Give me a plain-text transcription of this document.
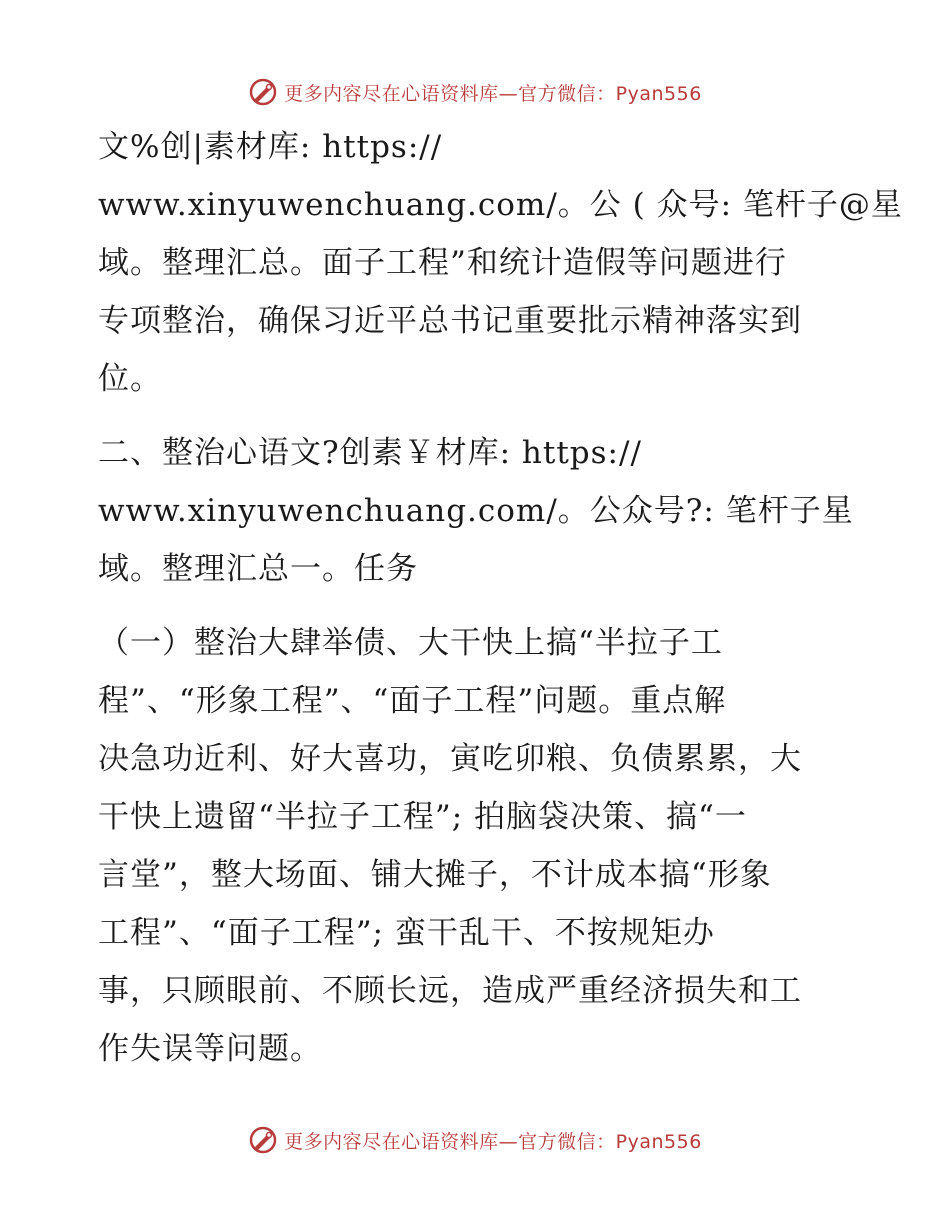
更多内容尽在心语资料库—官方微信：Pyan556
文%创|素材库: https://
www.xinyuwenchuang.com/。公 ( 众号: 笔杆子@星
域。整理汇总。面子工程”和统计造假等问题进行
专项整治，确保习近平总书记重要批示精神落实到
位。
二、整治心语文?创素￥材库: https://
www.xinyuwenchuang.com/。公众号?: 笔杆子星
域。整理汇总一。任务
（一）整治大肆举债、大干快上搞“半拉子工
程”、“形象工程”、“面子工程”问题。重点解
决急功近利、好大喜功，寅吃卯粮、负债累累，大
干快上遗留“半拉子工程”; 拍脑袋决策、搞“一
言堂”，整大场面、铺大摊子，不计成本搞“形象
工程”、“面子工程”; 蛮干乱干、不按规矩办
事，只顾眼前、不顾长远，造成严重经济损失和工
作失误等问题。
更多内容尽在心语资料库—官方微信：Pyan556
